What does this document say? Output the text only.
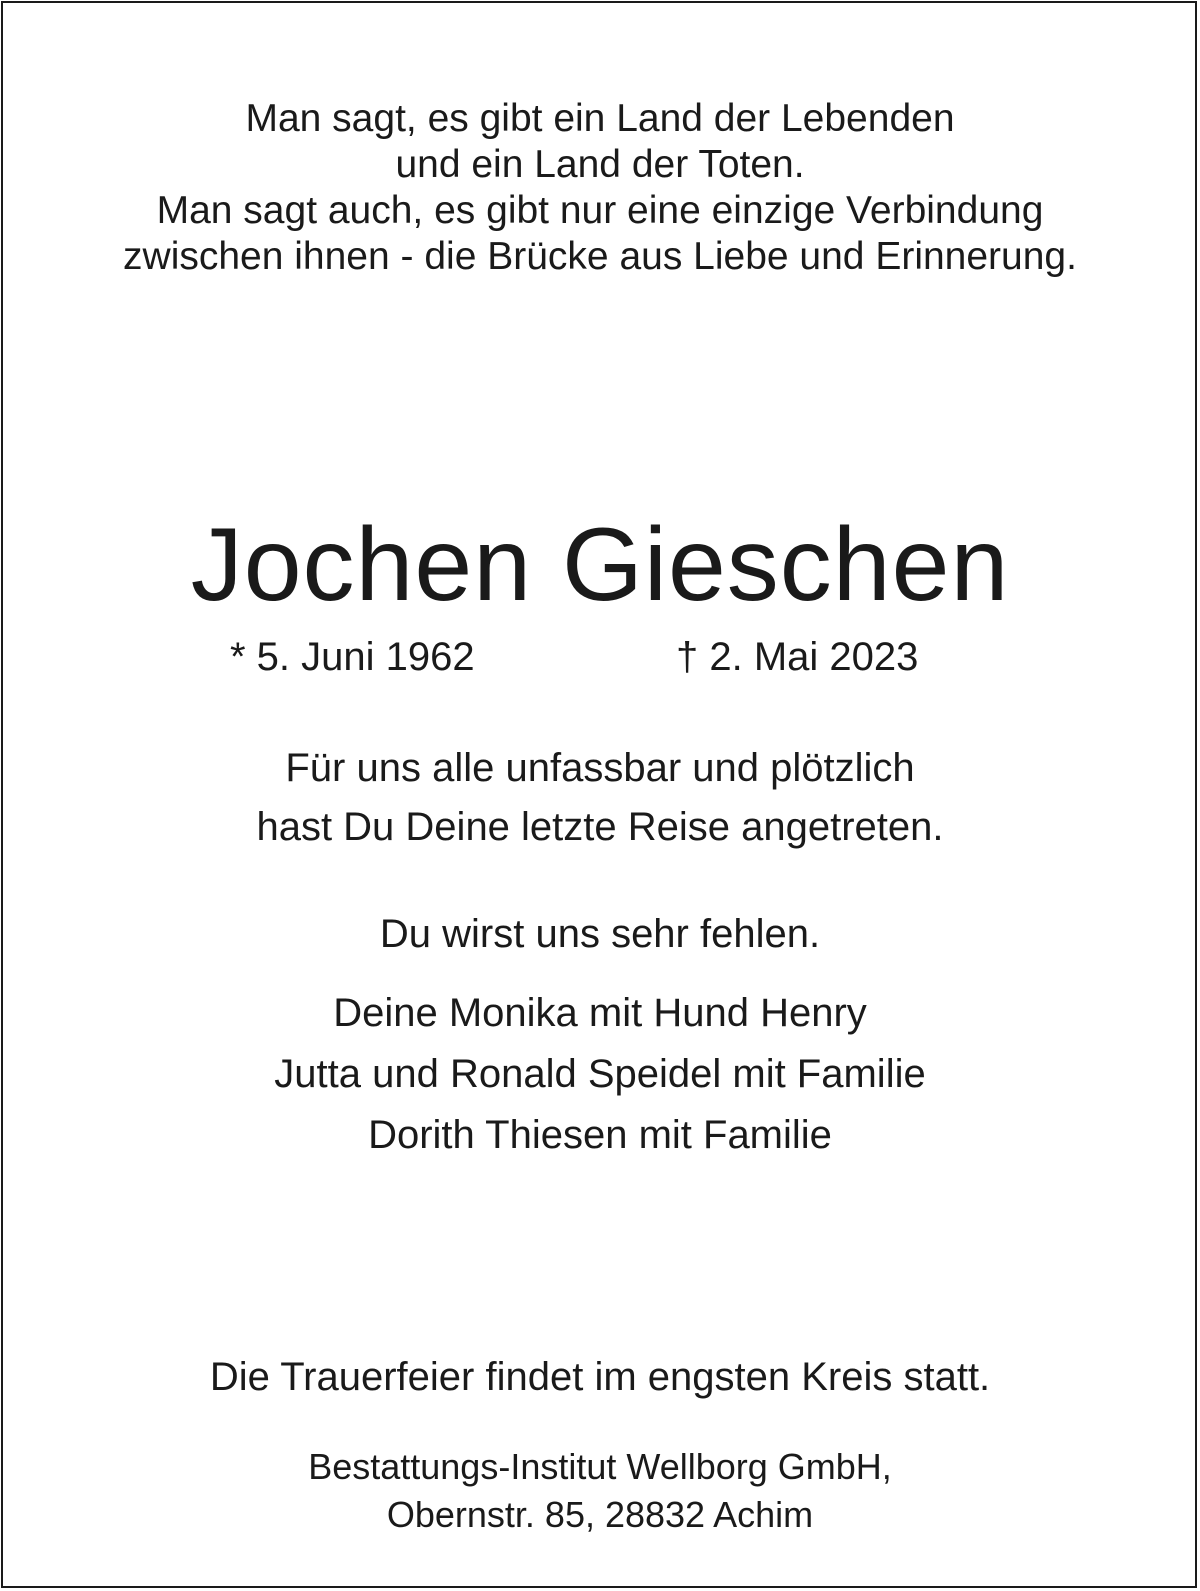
Man sagt, es gibt ein Land der Lebenden
und ein Land der Toten.
Man sagt auch, es gibt nur eine einzige Verbindung
zwischen ihnen - die Brücke aus Liebe und Erinnerung.
Jochen Gieschen
* 5. Juni 1962	† 2. Mai 2023
Für uns alle unfassbar und plötzlich
hast Du Deine letzte Reise angetreten.
Du wirst uns sehr fehlen.
Deine Monika mit Hund Henry
Jutta und Ronald Speidel mit Familie
Dorith Thiesen mit Familie
Die Trauerfeier findet im engsten Kreis statt.
Bestattungs-Institut Wellborg GmbH,
Obernstr. 85, 28832 Achim
